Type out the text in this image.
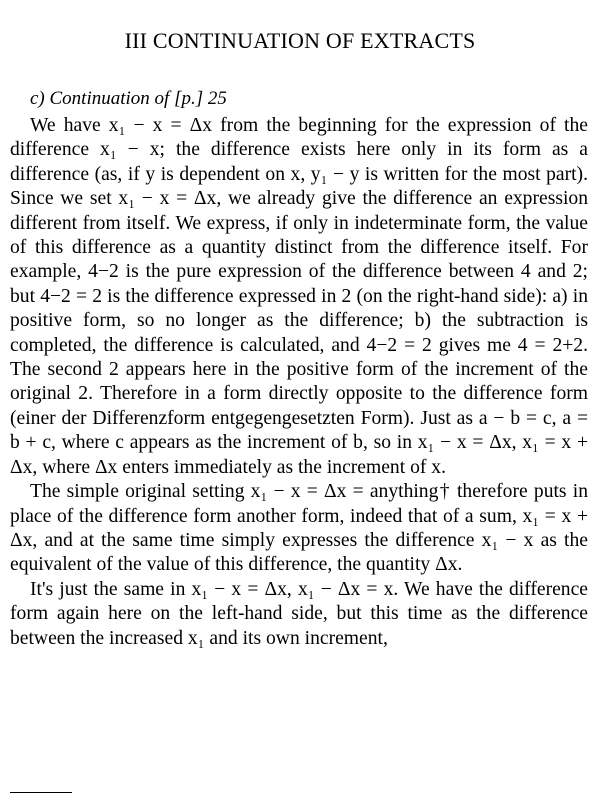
III CONTINUATION OF EXTRACTS
c) Continuation of [p.] 25

We have x₁ − x = Δx from the beginning for the expression of the difference x₁ − x; the difference exists here only in its form as a difference (as, if y is dependent on x, y₁ − y is written for the most part). Since we set x₁ − x = Δx, we already give the difference an expression different from itself. We express, if only in indeterminate form, the value of this difference as a quantity distinct from the difference itself. For example, 4−2 is the pure expression of the difference between 4 and 2; but 4−2 = 2 is the difference expressed in 2 (on the right-hand side): a) in positive form, so no longer as the difference; b) the subtraction is completed, the difference is calculated, and 4−2 = 2 gives me 4 = 2+2. The second 2 appears here in the positive form of the increment of the original 2. Therefore in a form directly opposite to the difference form (einer der Differenzform entgegengesetzten Form). Just as a − b = c, a = b + c, where c appears as the increment of b, so in x₁ − x = Δx, x₁ = x + Δx, where Δx enters immediately as the increment of x.

The simple original setting x₁ − x = Δx = anything† therefore puts in place of the difference form another form, indeed that of a sum, x₁ = x + Δx, and at the same time simply expresses the difference x₁ − x as the equivalent of the value of this difference, the quantity Δx.

It's just the same in x₁ − x = Δx, x₁ − Δx = x. We have the difference form again here on the left-hand side, but this time as the difference between the increased x₁ and its own increment,
